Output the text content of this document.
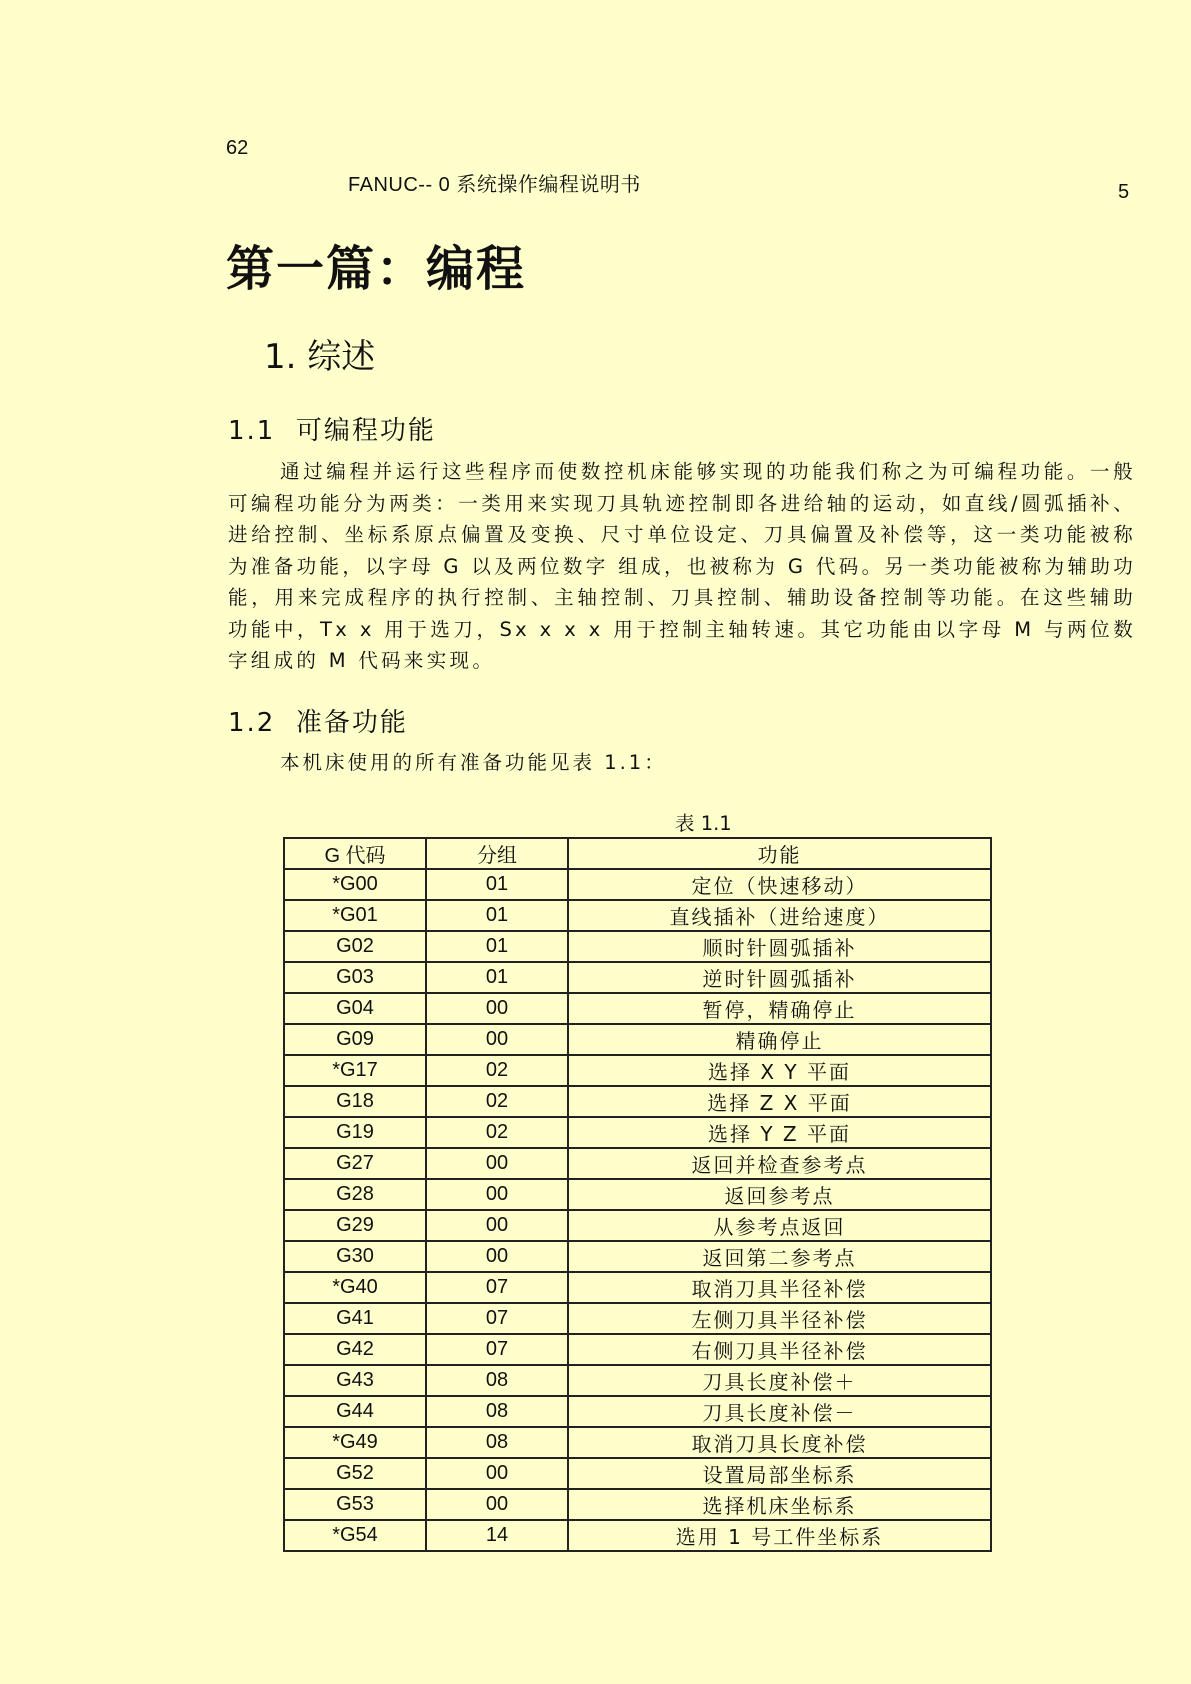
62
FANUC-- 0 系统操作编程说明书	5
第一篇：编程
1. 综述
1.1  可编程功能
通过编程并运行这些程序而使数控机床能够实现的功能我们称之为可编程功能。一般可编程功能分为两类：一类用来实现刀具轨迹控制即各进给轴的运动，如直线/圆弧插补、进给控制、坐标系原点偏置及变换、尺寸单位设定、刀具偏置及补偿等，这一类功能被称为准备功能，以字母 G 以及两位数字 组成，也被称为 G 代码。另一类功能被称为辅助功能，用来完成程序的执行控制、主轴控制、刀具控制、辅助设备控制等功能。在这些辅助功能中，Tx x 用于选刀，Sx x x x 用于控制主轴转速。其它功能由以字母 M 与两位数字组成的 M 代码来实现。
1.2  准备功能
本机床使用的所有准备功能见表 1.1：
表 1.1
G 代码	分组	功能
*G00	01	定位（快速移动）
*G01	01	直线插补（进给速度）
G02	01	顺时针圆弧插补
G03	01	逆时针圆弧插补
G04	00	暂停，精确停止
G09	00	精确停止
*G17	02	选择 X Y 平面
G18	02	选择 Z X 平面
G19	02	选择 Y Z 平面
G27	00	返回并检查参考点
G28	00	返回参考点
G29	00	从参考点返回
G30	00	返回第二参考点
*G40	07	取消刀具半径补偿
G41	07	左侧刀具半径补偿
G42	07	右侧刀具半径补偿
G43	08	刀具长度补偿＋
G44	08	刀具长度补偿－
*G49	08	取消刀具长度补偿
G52	00	设置局部坐标系
G53	00	选择机床坐标系
*G54	14	选用 1 号工件坐标系
